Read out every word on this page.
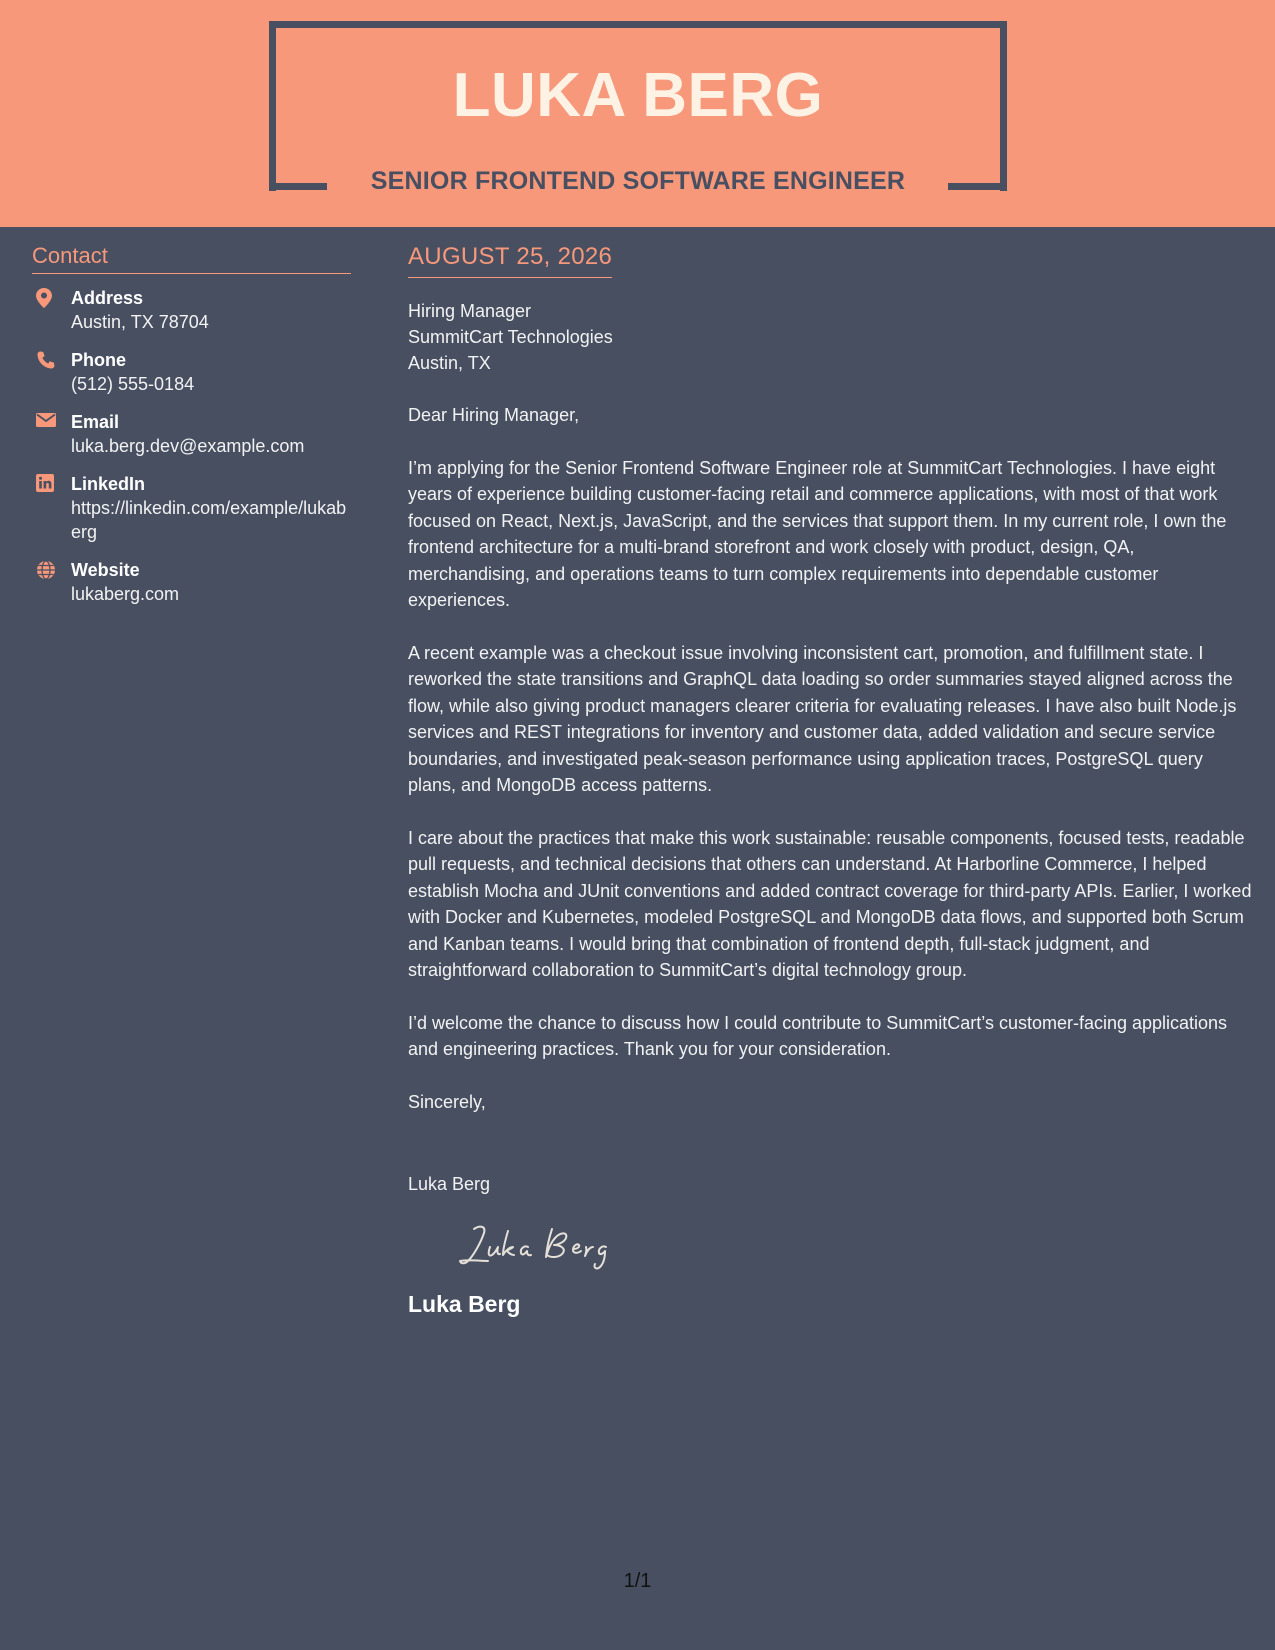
LUKA BERG
SENIOR FRONTEND SOFTWARE ENGINEER
Contact
Address
Austin, TX 78704
Phone
(512) 555-0184
Email
luka.berg.dev@example.com
LinkedIn
https://linkedin.com/example/lukaberg
Website
lukaberg.com
AUGUST 25, 2026
Hiring Manager
SummitCart Technologies
Austin, TX

Dear Hiring Manager,

I’m applying for the Senior Frontend Software Engineer role at SummitCart Technologies. I have eight years of experience building customer-facing retail and commerce applications, with most of that work focused on React, Next.js, JavaScript, and the services that support them. In my current role, I own the frontend architecture for a multi-brand storefront and work closely with product, design, QA, merchandising, and operations teams to turn complex requirements into dependable customer experiences.

A recent example was a checkout issue involving inconsistent cart, promotion, and fulfillment state. I reworked the state transitions and GraphQL data loading so order summaries stayed aligned across the flow, while also giving product managers clearer criteria for evaluating releases. I have also built Node.js services and REST integrations for inventory and customer data, added validation and secure service boundaries, and investigated peak-season performance using application traces, PostgreSQL query plans, and MongoDB access patterns.

I care about the practices that make this work sustainable: reusable components, focused tests, readable pull requests, and technical decisions that others can understand. At Harborline Commerce, I helped establish Mocha and JUnit conventions and added contract coverage for third-party APIs. Earlier, I worked with Docker and Kubernetes, modeled PostgreSQL and MongoDB data flows, and supported both Scrum and Kanban teams. I would bring that combination of frontend depth, full-stack judgment, and straightforward collaboration to SummitCart’s digital technology group.

I’d welcome the chance to discuss how I could contribute to SummitCart’s customer-facing applications and engineering practices. Thank you for your consideration.

Sincerely,
Luka Berg
Luka Berg
1/1
